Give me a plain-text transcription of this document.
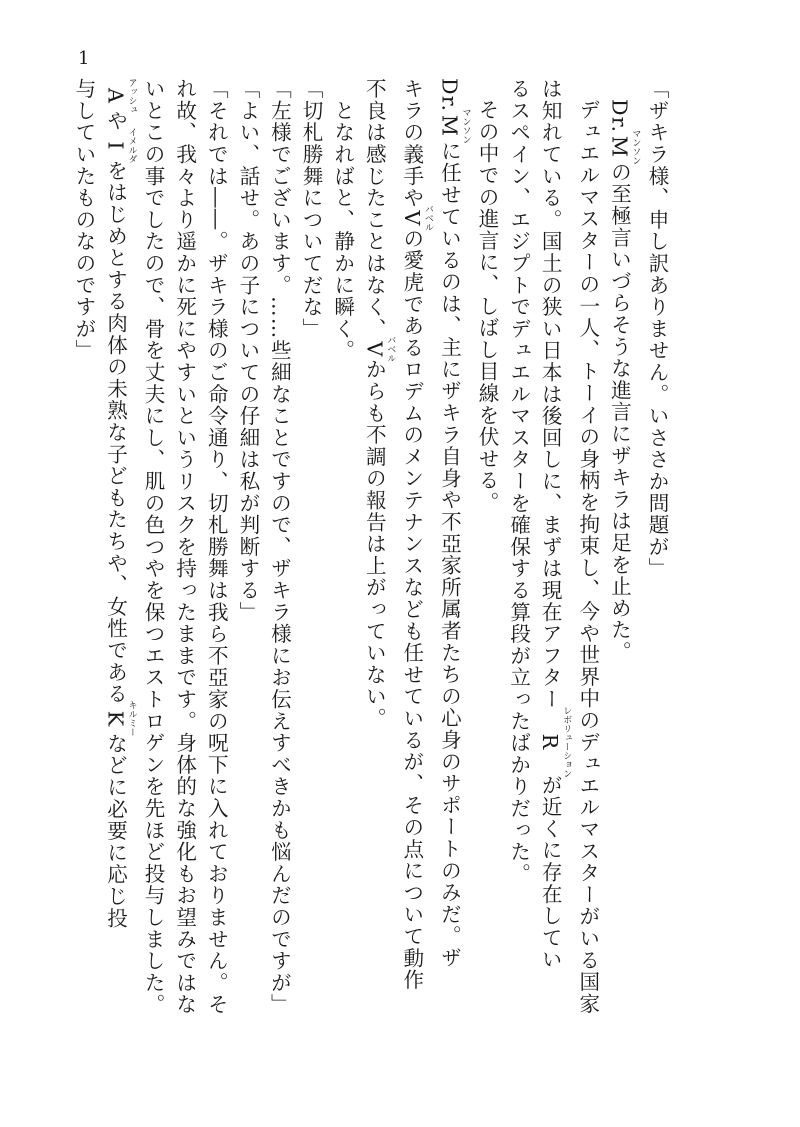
1

「ザキラ様、申し訳ありません。いささか問題が」

Dr.M マンソンの至極言いづらそうな進言にザキラは足を止めた。

デュエルマスターの一人、トーイの身柄を拘束し、今や世界中のデュエルマスターがいる国家

は知れている。国土の狭い日本は後回しに、まずは現在アフターR レボリューションが近くに存在してい

るスペイン、エジプトでデュエルマスターを確保する算段が立ったばかりだった。

その中での進言に、しばし目線を伏せる。

Dr.M マンソンに任せているのは、主にザキラ自身や不亞家所属者たちの心身のサポートのみだ。ザ

キラの義手やV バベルの愛虎であるロデムのメンテナンスなども任せているが、その点について動作

不良は感じたことはなく、V バベルからも不調の報告は上がっていない。

　となればと、静かに瞬く。

「切札勝舞についてだな」

「左様でございます。……些細なことですので、ザキラ様にお伝えすべきかも悩んだのですが」

「よい、話せ。あの子についての仔細は私が判断する」

「それでは――。ザキラ様のご命令通り、切札勝舞は我ら不亞家の呪下に入れておりません。そ

れ故、我々より遥かに死にやすいというリスクを持ったままです。身体的な強化もお望みではな

いとこの事でしたので、骨を丈夫にし、肌の色つやを保つエストロゲンを先ほど投与しました。

A アッシュやI イメルダをはじめとする肉体の未熟な子どもたちや、女性であるK キルミーなどに必要に応じ投

与していたものなのですが」
